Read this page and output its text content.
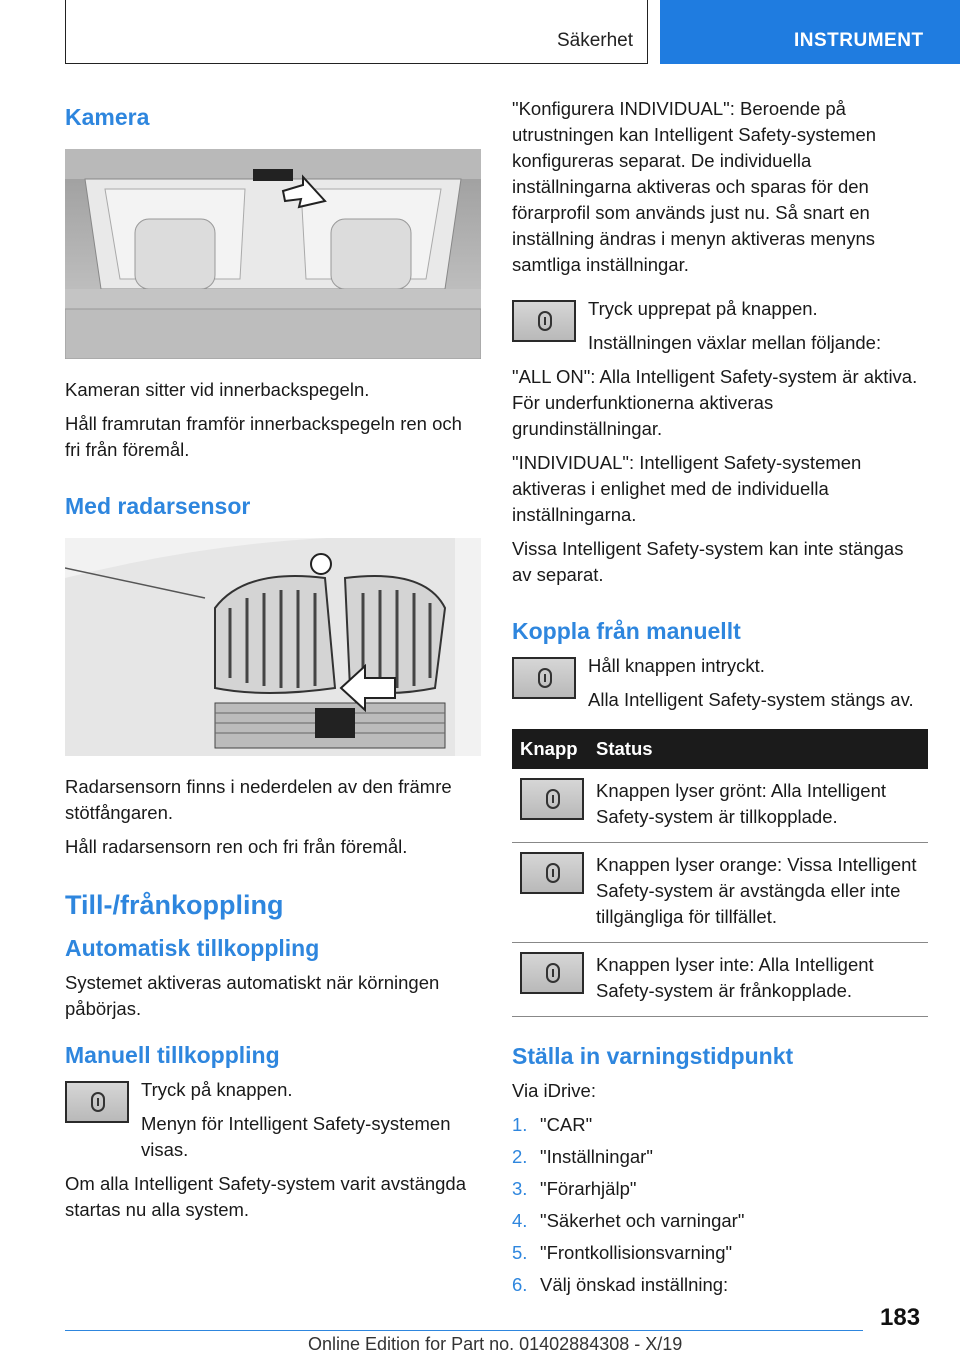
Säkerhet	INSTRUMENT
Kamera

Kameran sitter vid innerbackspegeln.

Håll framrutan framför innerbackspegeln ren och fri från föremål.

Med radarsensor

Radarsensorn finns i nederdelen av den främre stötfångaren.

Håll radarsensorn ren och fri från föremål.

Till-/frånkoppling
Automatisk tillkoppling

Systemet aktiveras automatiskt när körningen påbörjas.

Manuell tillkoppling

Tryck på knappen.

Menyn för Intelligent Safety-systemen visas.

Om alla Intelligent Safety-system varit avstängda startas nu alla system.

"Konfigurera INDIVIDUAL": Beroende på utrustningen kan Intelligent Safety-systemen konfigureras separat. De individuella inställningarna aktiveras och sparas för den förarprofil som används just nu. Så snart en inställning ändras i menyn aktiveras menyns samtliga inställningar.

Tryck upprepat på knappen.

Inställningen växlar mellan följande:

"ALL ON": Alla Intelligent Safety-system är aktiva. För underfunktionerna aktiveras grundinställningar.

"INDIVIDUAL": Intelligent Safety-systemen aktiveras i enlighet med de individuella inställningarna.

Vissa Intelligent Safety-system kan inte stängas av separat.

Koppla från manuellt

Håll knappen intryckt.

Alla Intelligent Safety-system stängs av.

Knapp	Status

	Knappen lyser grönt: Alla Intelligent Safety-system är tillkopplade.

	Knappen lyser orange: Vissa Intelligent Safety-system är avstängda eller inte tillgängliga för tillfället.

	Knappen lyser inte: Alla Intelligent Safety-system är frånkopplade.
Ställa in varningstidpunkt

Via iDrive:

1. "CAR"
2. "Inställningar"
3. "Förarhjälp"
4. "Säkerhet och varningar"
5. "Frontkollisionsvarning"
6. Välj önskad inställning:
183
Online Edition for Part no. 01402884308 - X/19
